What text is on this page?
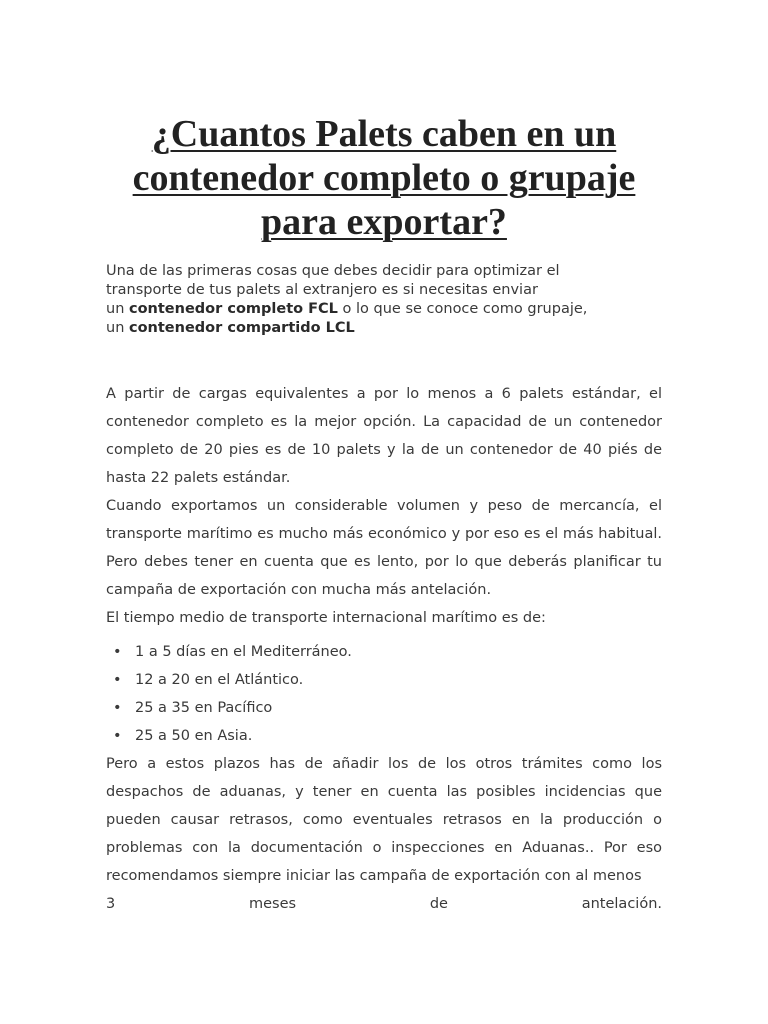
¿Cuantos Palets caben en un contenedor completo o grupaje para exportar?

Una de las primeras cosas que debes decidir para optimizar el
transporte de tus palets al extranjero es si necesitas enviar
un contenedor completo FCL o lo que se conoce como grupaje,
un contenedor compartido LCL

A partir de cargas equivalentes a por lo menos a 6 palets estándar, el contenedor completo es la mejor opción. La capacidad de un contenedor completo de 20 pies es de 10 palets y la de un contenedor de 40 piés de hasta 22 palets estándar.

Cuando exportamos un considerable volumen y peso de mercancía, el transporte marítimo es mucho más económico y por eso es el más habitual. Pero debes tener en cuenta que es lento, por lo que deberás planificar tu campaña de exportación con mucha más antelación.

El tiempo medio de transporte internacional marítimo es de:

• 1 a 5 días en el Mediterráneo.
• 12 a 20 en el Atlántico.
• 25 a 35 en Pacífico
• 25 a 50 en Asia.

Pero a estos plazos has de añadir los de los otros trámites como los despachos de aduanas, y tener en cuenta las posibles incidencias que pueden causar retrasos, como eventuales retrasos en la producción o problemas con la documentación o inspecciones en Aduanas.. Por eso recomendamos siempre iniciar las campaña de exportación con al menos

3 meses de antelación.
